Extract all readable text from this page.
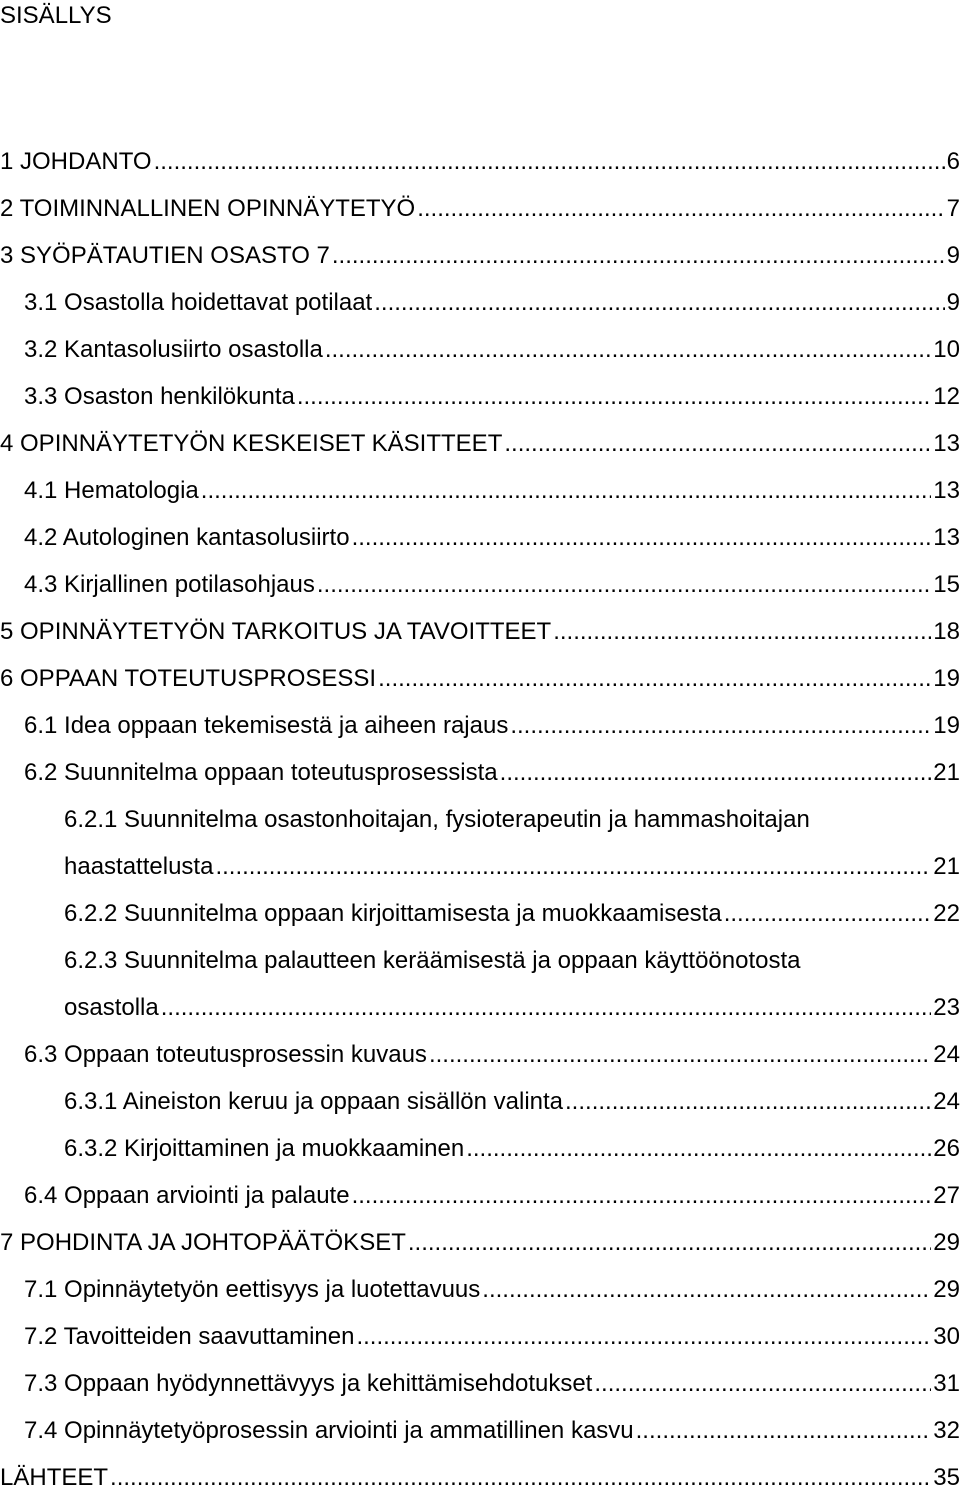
SISÄLLYS
1 JOHDANTO .....	6
2 TOIMINNALLINEN OPINNÄYTETYÖ .....	7
3 SYÖPÄTAUTIEN OSASTO 7 .....	9
3.1 Osastolla hoidettavat potilaat .....	9
3.2 Kantasolusiirto osastolla .....	10
3.3 Osaston henkilökunta .....	12
4 OPINNÄYTETYÖN KESKEISET KÄSITTEET .....	13
4.1 Hematologia .....	13
4.2 Autologinen kantasolusiirto .....	13
4.3 Kirjallinen potilasohjaus .....	15
5 OPINNÄYTETYÖN TARKOITUS JA TAVOITTEET .....	18
6 OPPAAN TOTEUTUSPROSESSI .....	19
6.1 Idea oppaan tekemisestä ja aiheen rajaus .....	19
6.2 Suunnitelma oppaan toteutusprosessista .....	21
6.2.1 Suunnitelma osastonhoitajan, fysioterapeutin ja hammashoitajan
haastattelusta .....	21
6.2.2 Suunnitelma oppaan kirjoittamisesta ja muokkaamisesta .....	22
6.2.3 Suunnitelma palautteen keräämisestä ja oppaan käyttöönotosta
osastolla .....	23
6.3 Oppaan toteutusprosessin kuvaus .....	24
6.3.1 Aineiston keruu ja oppaan sisällön valinta .....	24
6.3.2 Kirjoittaminen ja muokkaaminen .....	26
6.4 Oppaan arviointi ja palaute .....	27
7 POHDINTA JA JOHTOPÄÄTÖKSET .....	29
7.1 Opinnäytetyön eettisyys ja luotettavuus .....	29
7.2 Tavoitteiden saavuttaminen .....	30
7.3 Oppaan hyödynnettävyys ja kehittämisehdotukset .....	31
7.4 Opinnäytetyöprosessin arviointi ja ammatillinen kasvu .....	32
LÄHTEET .....	35
